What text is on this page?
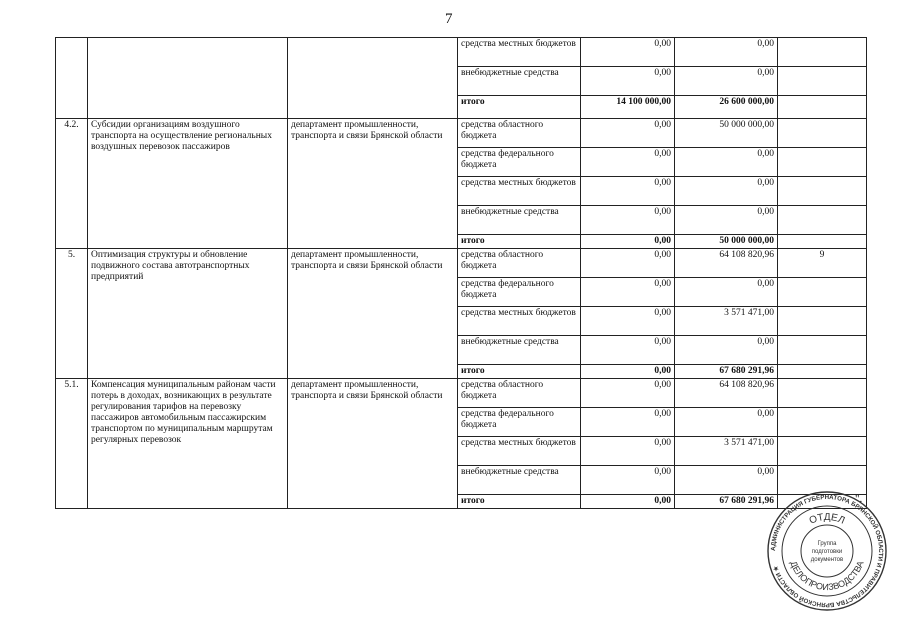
7
			средства местных бюджетов	0,00	0,00	
			внебюджетные средства	0,00	0,00	
			итого	14 100 000,00	26 600 000,00	
4.2.	Субсидии организациям воздушного транспорта на осуществление региональных воздушных перевозок пассажиров	департамент промышленности, транспорта и связи Брянской области	средства областного бюджета	0,00	50 000 000,00	
			средства федерального бюджета	0,00	0,00	
			средства местных бюджетов	0,00	0,00	
			внебюджетные средства	0,00	0,00	
			итого	0,00	50 000 000,00	
5.	Оптимизация структуры и обновление подвижного состава автотранспортных предприятий	департамент промышленности, транспорта и связи Брянской области	средства областного бюджета	0,00	64 108 820,96	9
			средства федерального бюджета	0,00	0,00	
			средства местных бюджетов	0,00	3 571 471,00	
			внебюджетные средства	0,00	0,00	
			итого	0,00	67 680 291,96	
5.1.	Компенсация муниципальным районам части потерь в доходах, возникающих в результате регулирования тарифов на перевозку пассажиров автомобильным пассажирским транспортом по муниципальным маршрутам регулярных перевозок	департамент промышленности, транспорта и связи Брянской области	средства областного бюджета	0,00	64 108 820,96	
			средства федерального бюджета	0,00	0,00	
			средства местных бюджетов	0,00	3 571 471,00	
			внебюджетные средства	0,00	0,00	
			итого	0,00	67 680 291,96		".
АДМИНИСТРАЦИЯ ГУБЕРНАТОРА БРЯНСКОЙ ОБЛАСТИ И ПРАВИТЕЛЬСТВА БРЯНСКОЙ ОБЛАСТИ ★
ОТДЕЛ
ДЕЛОПРОИЗВОДСТВА
Группа
подготовки
документов
